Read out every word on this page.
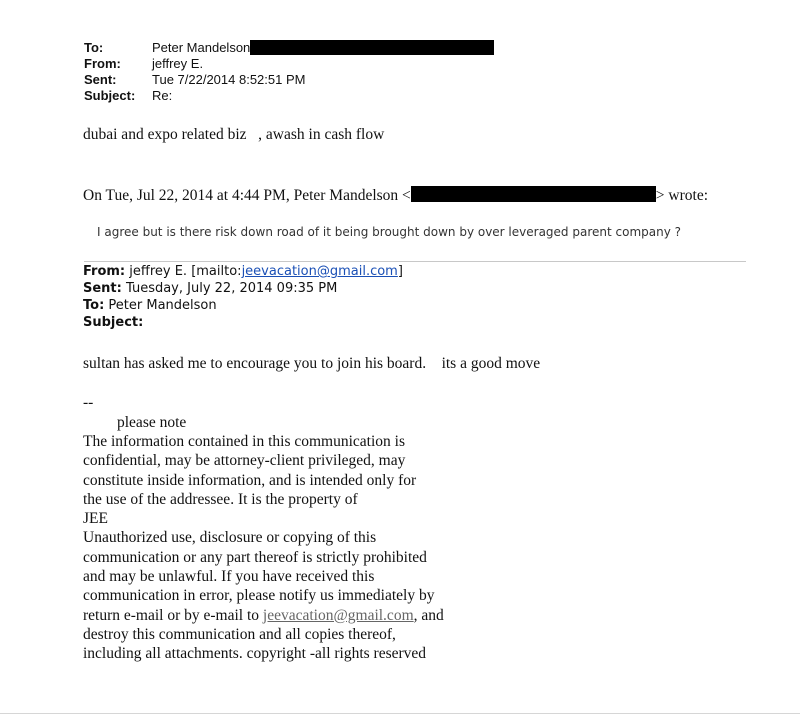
To:	Peter Mandelson
From:	jeffrey E.
Sent:	Tue 7/22/2014 8:52:51 PM
Subject:	Re:
dubai and expo related biz   , awash in cash flow
On Tue, Jul 22, 2014 at 4:44 PM, Peter Mandelson <	> wrote:
I agree but is there risk down road of it being brought down by over leveraged parent company ?
From: jeffrey E. [mailto:jeevacation@gmail.com]
Sent: Tuesday, July 22, 2014 09:35 PM
To: Peter Mandelson
Subject:
sultan has asked me to encourage you to join his board.    its a good move
--
please note
The information contained in this communication is
confidential, may be attorney-client privileged, may
constitute inside information, and is intended only for
the use of the addressee. It is the property of
JEE
Unauthorized use, disclosure or copying of this
communication or any part thereof is strictly prohibited
and may be unlawful. If you have received this
communication in error, please notify us immediately by
return e-mail or by e-mail to jeevacation@gmail.com, and
destroy this communication and all copies thereof,
including all attachments. copyright -all rights reserved
